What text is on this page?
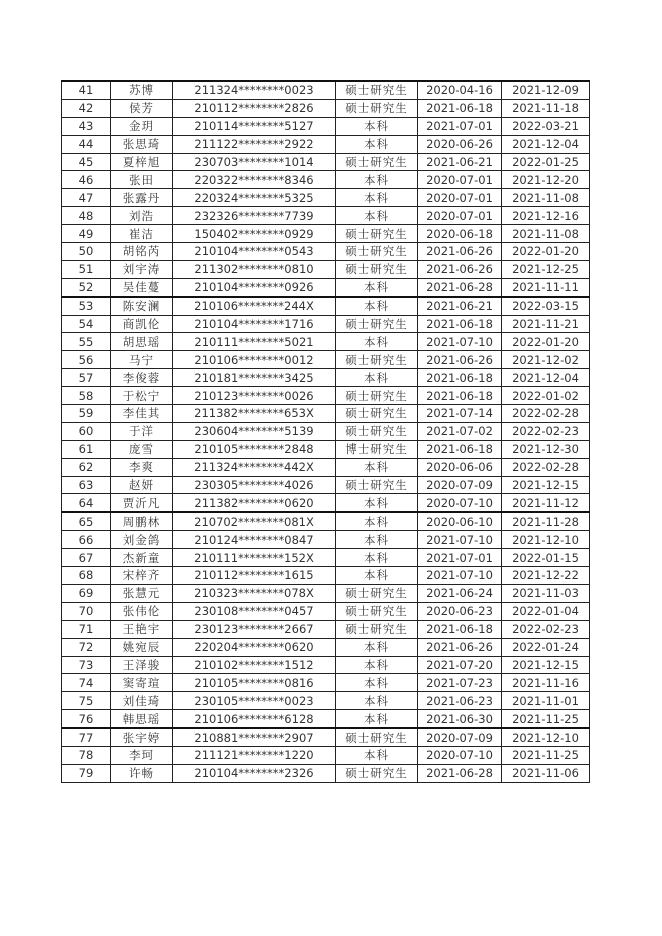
41	苏博	211324********0023	硕士研究生	2020-04-16	2021-12-09
42	侯芳	210112********2826	硕士研究生	2021-06-18	2021-11-18
43	金玥	210114********5127	本科	2021-07-01	2022-03-21
44	张思琦	211122********2922	本科	2020-06-26	2021-12-04
45	夏梓旭	230703********1014	硕士研究生	2021-06-21	2022-01-25
46	张田	220322********8346	本科	2020-07-01	2021-12-20
47	张露丹	220324********5325	本科	2020-07-01	2021-11-08
48	刘浩	232326********7739	本科	2020-07-01	2021-12-16
49	崔洁	150402********0929	硕士研究生	2020-06-18	2021-11-08
50	胡铭芮	210104********0543	硕士研究生	2021-06-26	2022-01-20
51	刘宇涛	211302********0810	硕士研究生	2021-06-26	2021-12-25
52	吴佳蔓	210104********0926	本科	2021-06-28	2021-11-11
53	陈安澜	210106********244X	本科	2021-06-21	2022-03-15
54	商凯伦	210104********1716	硕士研究生	2021-06-18	2021-11-21
55	胡思瑶	210111********5021	本科	2021-07-10	2022-01-20
56	马宁	210106********0012	硕士研究生	2021-06-26	2021-12-02
57	李俊蓉	210181********3425	本科	2021-06-18	2021-12-04
58	于松宁	210123********0026	硕士研究生	2021-06-18	2022-01-02
59	李佳其	211382********653X	硕士研究生	2021-07-14	2022-02-28
60	于洋	230604********5139	硕士研究生	2021-07-02	2022-02-23
61	庞雪	210105********2848	博士研究生	2021-06-18	2021-12-30
62	李爽	211324********442X	本科	2020-06-06	2022-02-28
63	赵妍	230305********4026	硕士研究生	2020-07-09	2021-12-15
64	贾沂凡	211382********0620	本科	2020-07-10	2021-11-12
65	周鹏林	210702********081X	本科	2020-06-10	2021-11-28
66	刘金鸽	210124********0847	本科	2021-07-10	2021-12-10
67	杰新童	210111********152X	本科	2021-07-01	2022-01-15
68	宋梓齐	210112********1615	本科	2021-07-10	2021-12-22
69	张慧元	210323********078X	硕士研究生	2021-06-24	2021-11-03
70	张伟伦	230108********0457	硕士研究生	2020-06-23	2022-01-04
71	王艳宇	230123********2667	硕士研究生	2021-06-18	2022-02-23
72	姚宛辰	220204********0620	本科	2021-06-26	2022-01-24
73	王泽骏	210102********1512	本科	2021-07-20	2021-12-15
74	窦寄瑄	210105********0816	本科	2021-07-23	2021-11-16
75	刘佳琦	230105********0023	本科	2021-06-23	2021-11-01
76	韩思瑶	210106********6128	本科	2021-06-30	2021-11-25
77	张宇婷	210881********2907	硕士研究生	2020-07-09	2021-12-10
78	李珂	211121********1220	本科	2020-07-10	2021-11-25
79	许畅	210104********2326	硕士研究生	2021-06-28	2021-11-06
